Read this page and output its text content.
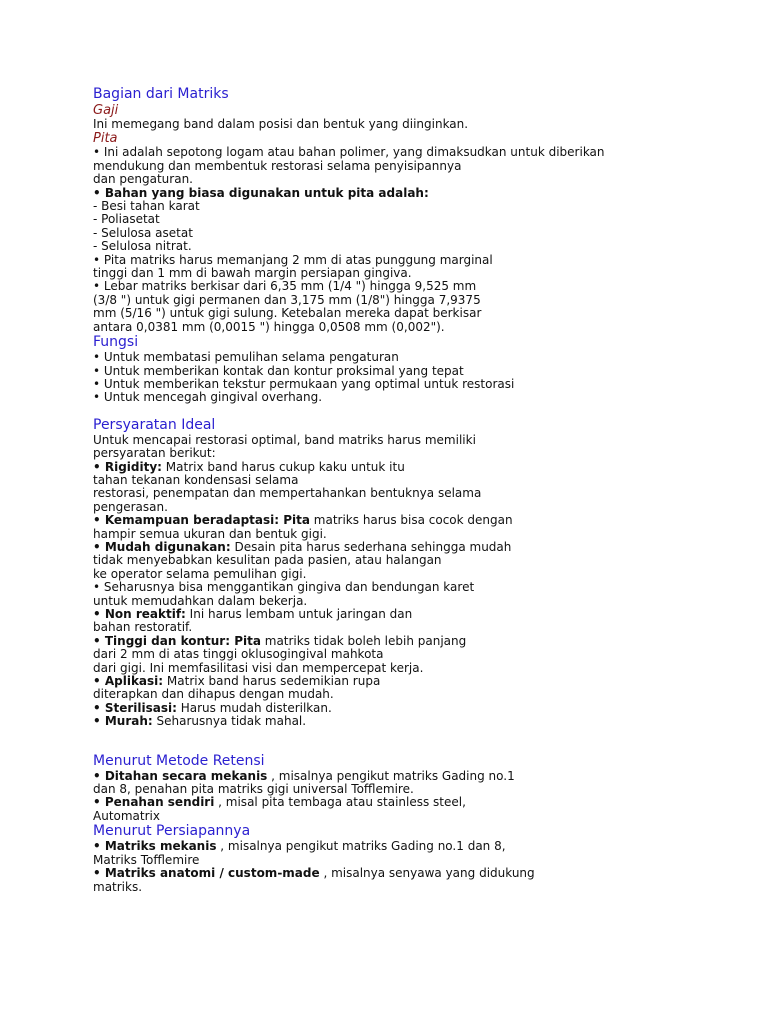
Bagian dari Matriks
Gaji
Ini memegang band dalam posisi dan bentuk yang diinginkan.
Pita
• Ini adalah sepotong logam atau bahan polimer, yang dimaksudkan untuk diberikan
mendukung dan membentuk restorasi selama penyisipannya
dan pengaturan.
• Bahan yang biasa digunakan untuk pita adalah:
- Besi tahan karat
- Poliasetat
- Selulosa asetat
- Selulosa nitrat.
• Pita matriks harus memanjang 2 mm di atas punggung marginal
tinggi dan 1 mm di bawah margin persiapan gingiva.
• Lebar matriks berkisar dari 6,35 mm (1/4 ") hingga 9,525 mm
(3/8 ") untuk gigi permanen dan 3,175 mm (1/8") hingga 7,9375
mm (5/16 ") untuk gigi sulung. Ketebalan mereka dapat berkisar
antara 0,0381 mm (0,0015 ") hingga 0,0508 mm (0,002").
Fungsi
• Untuk membatasi pemulihan selama pengaturan
• Untuk memberikan kontak dan kontur proksimal yang tepat
• Untuk memberikan tekstur permukaan yang optimal untuk restorasi
• Untuk mencegah gingival overhang.
Persyaratan Ideal
Untuk mencapai restorasi optimal, band matriks harus memiliki
persyaratan berikut:
• Rigidity: Matrix band harus cukup kaku untuk itu
tahan tekanan kondensasi selama
restorasi, penempatan dan mempertahankan bentuknya selama
pengerasan.
• Kemampuan beradaptasi: Pita matriks harus bisa cocok dengan
hampir semua ukuran dan bentuk gigi.
• Mudah digunakan: Desain pita harus sederhana sehingga mudah
tidak menyebabkan kesulitan pada pasien, atau halangan
ke operator selama pemulihan gigi.
• Seharusnya bisa menggantikan gingiva dan bendungan karet
untuk memudahkan dalam bekerja.
• Non reaktif: Ini harus lembam untuk jaringan dan
bahan restoratif.
• Tinggi dan kontur: Pita matriks tidak boleh lebih panjang
dari 2 mm di atas tinggi oklusogingival mahkota
dari gigi. Ini memfasilitasi visi dan mempercepat kerja.
• Aplikasi: Matrix band harus sedemikian rupa
diterapkan dan dihapus dengan mudah.
• Sterilisasi: Harus mudah disterilkan.
• Murah: Seharusnya tidak mahal.
Menurut Metode Retensi
• Ditahan secara mekanis , misalnya pengikut matriks Gading no.1
dan 8, penahan pita matriks gigi universal Tofflemire.
• Penahan sendiri , misal pita tembaga atau stainless steel,
Automatrix
Menurut Persiapannya
• Matriks mekanis , misalnya pengikut matriks Gading no.1 dan 8,
Matriks Tofflemire
• Matriks anatomi / custom-made , misalnya senyawa yang didukung
matriks.
